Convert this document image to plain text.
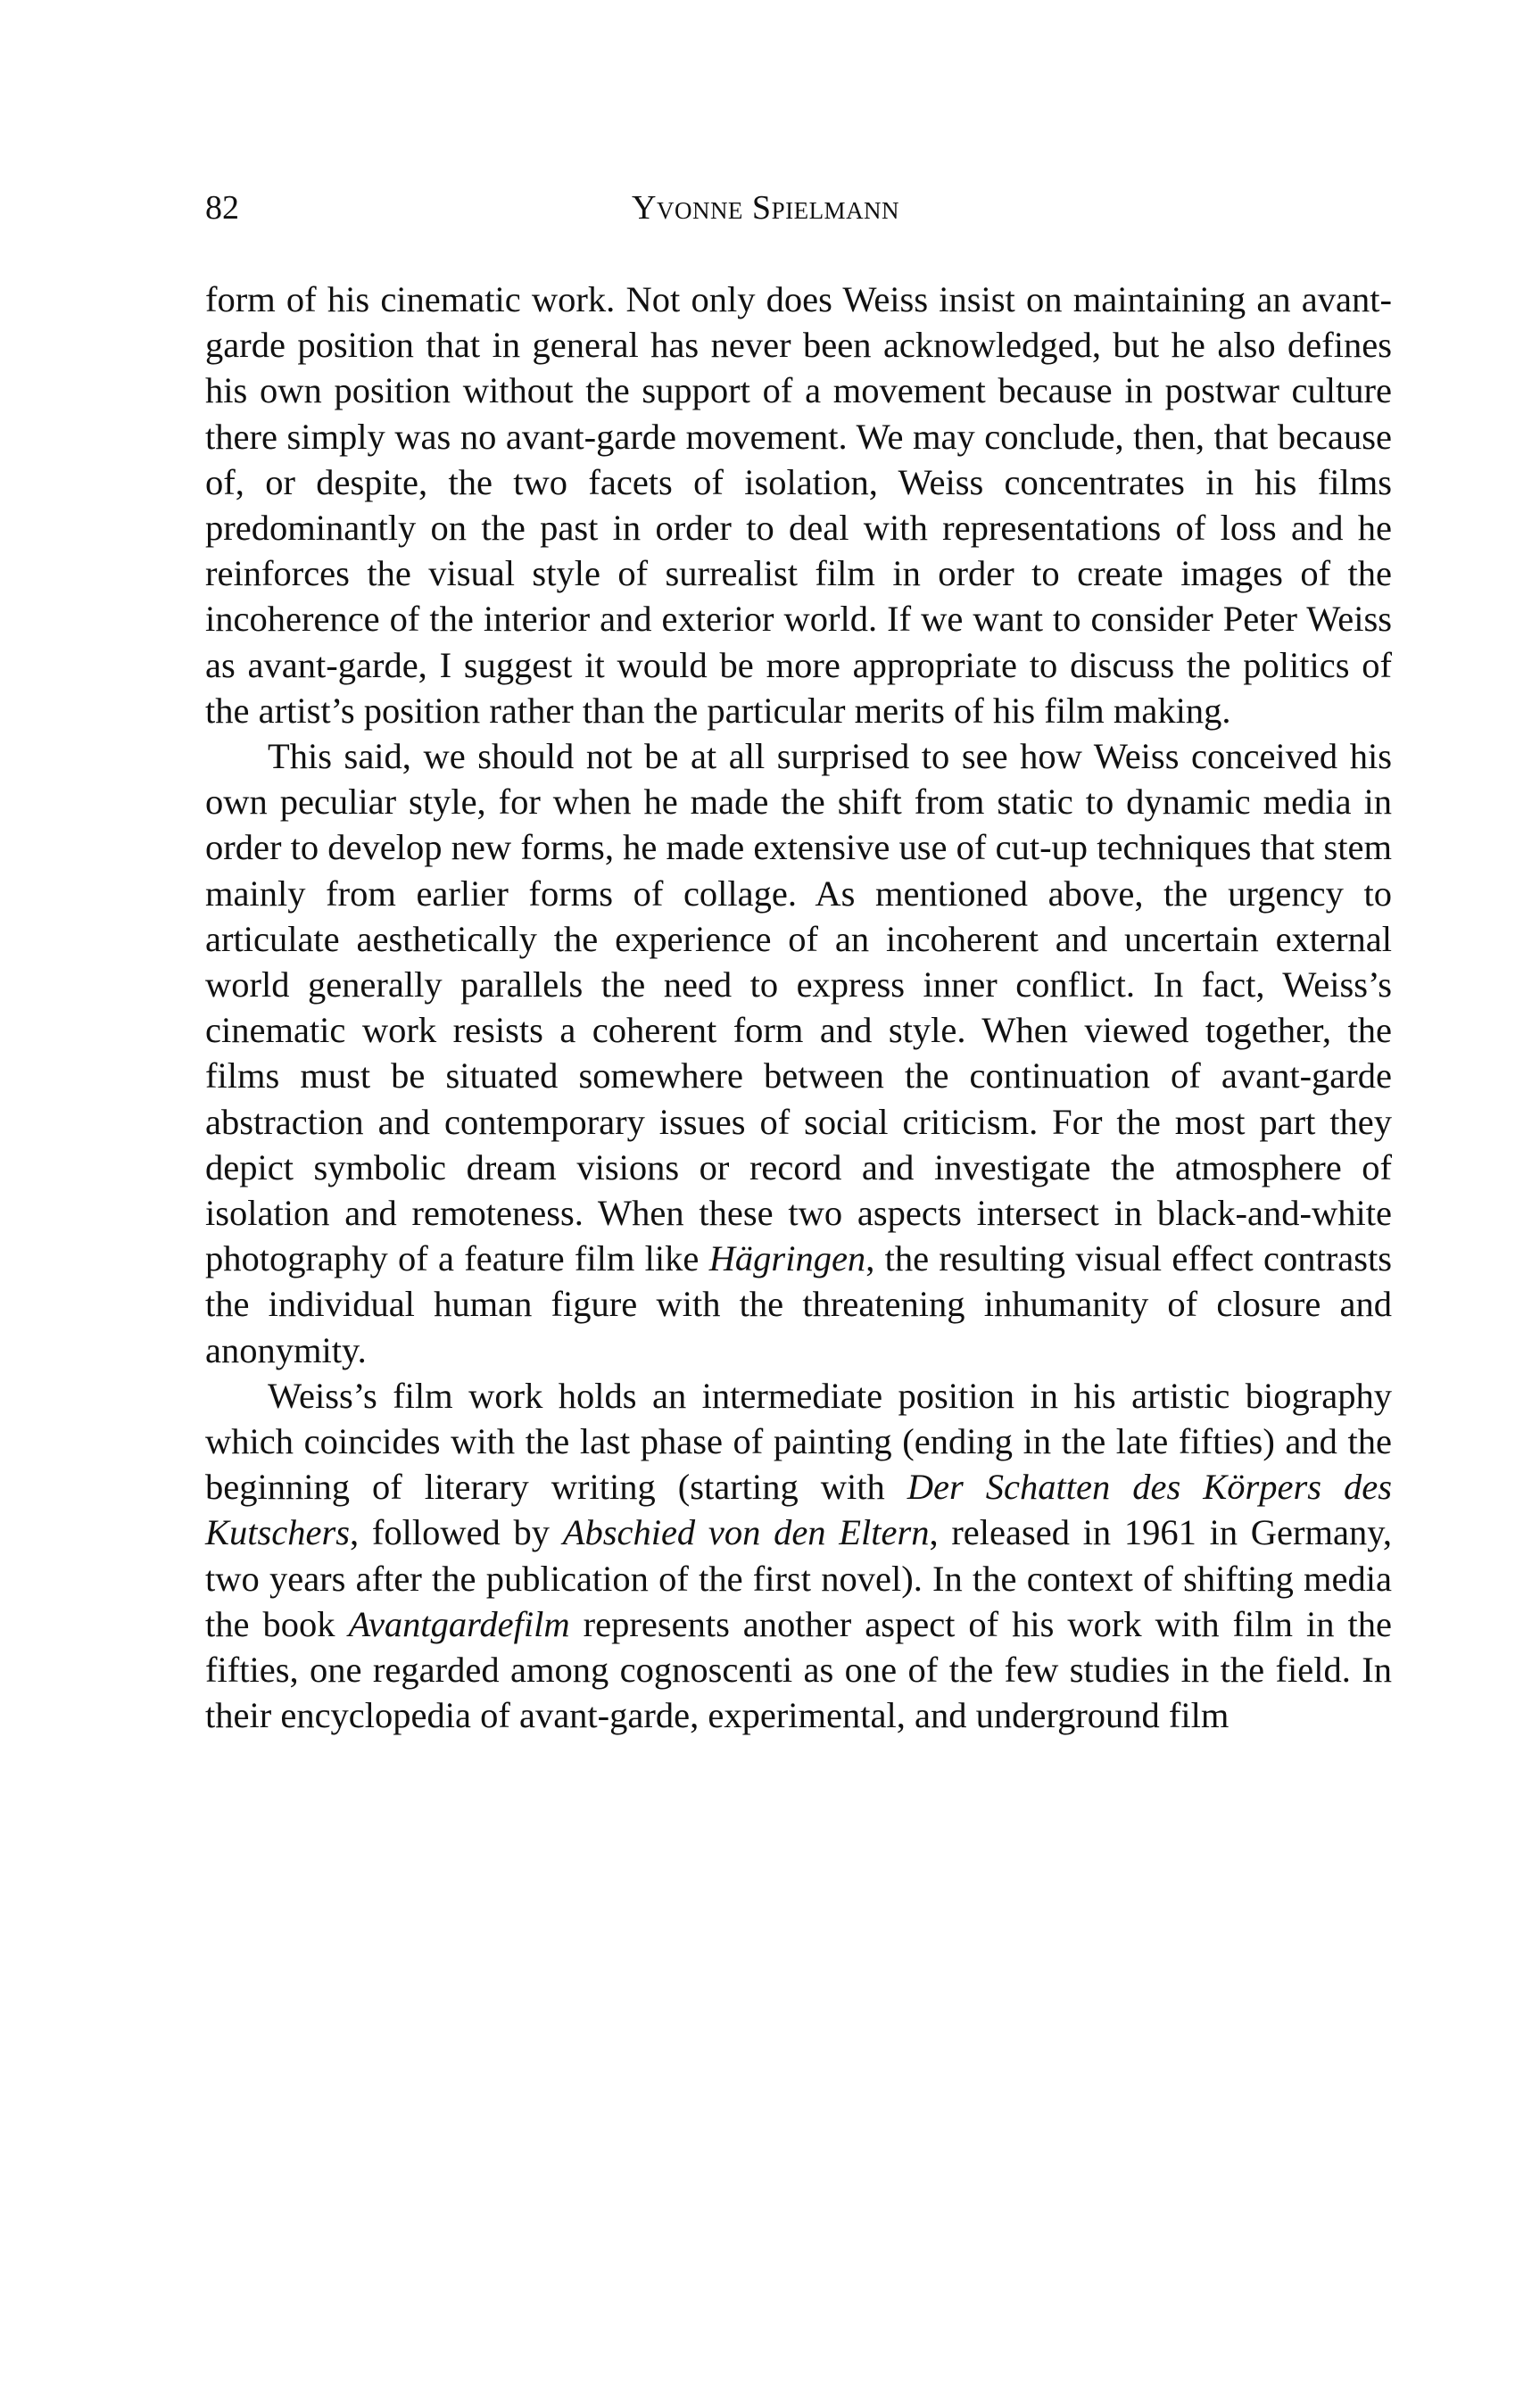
82	Yvonne Spielmann

form of his cinematic work. Not only does Weiss insist on maintaining an avant-garde position that in general has never been acknowledged, but he also defines his own position without the support of a movement because in postwar culture there simply was no avant-garde movement. We may conclude, then, that because of, or despite, the two facets of isolation, Weiss concentrates in his films predominantly on the past in order to deal with representations of loss and he reinforces the visual style of surrealist film in order to create images of the incoherence of the interior and exterior world. If we want to consider Peter Weiss as avant-garde, I suggest it would be more appropriate to discuss the politics of the artist’s position rather than the particular merits of his film making.

This said, we should not be at all surprised to see how Weiss conceived his own peculiar style, for when he made the shift from static to dynamic media in order to develop new forms, he made extensive use of cut-up techniques that stem mainly from earlier forms of collage. As mentioned above, the urgency to articulate aesthetically the experience of an incoherent and uncertain external world generally parallels the need to express inner conflict. In fact, Weiss’s cinematic work resists a coherent form and style. When viewed together, the films must be situated somewhere between the continuation of avant-garde abstraction and contemporary issues of social criticism. For the most part they depict symbolic dream visions or record and investigate the atmosphere of isolation and remoteness. When these two aspects intersect in black-and-white photography of a feature film like Hägringen, the resulting visual effect contrasts the individual human figure with the threatening inhumanity of closure and anonymity.

Weiss’s film work holds an intermediate position in his artistic biography which coincides with the last phase of painting (ending in the late fifties) and the beginning of literary writing (starting with Der Schatten des Körpers des Kutschers, followed by Abschied von den Eltern, released in 1961 in Germany, two years after the publication of the first novel). In the context of shifting media the book Avantgardefilm represents another aspect of his work with film in the fifties, one regarded among cognoscenti as one of the few studies in the field. In their encyclopedia of avant-garde, experimental, and underground film
